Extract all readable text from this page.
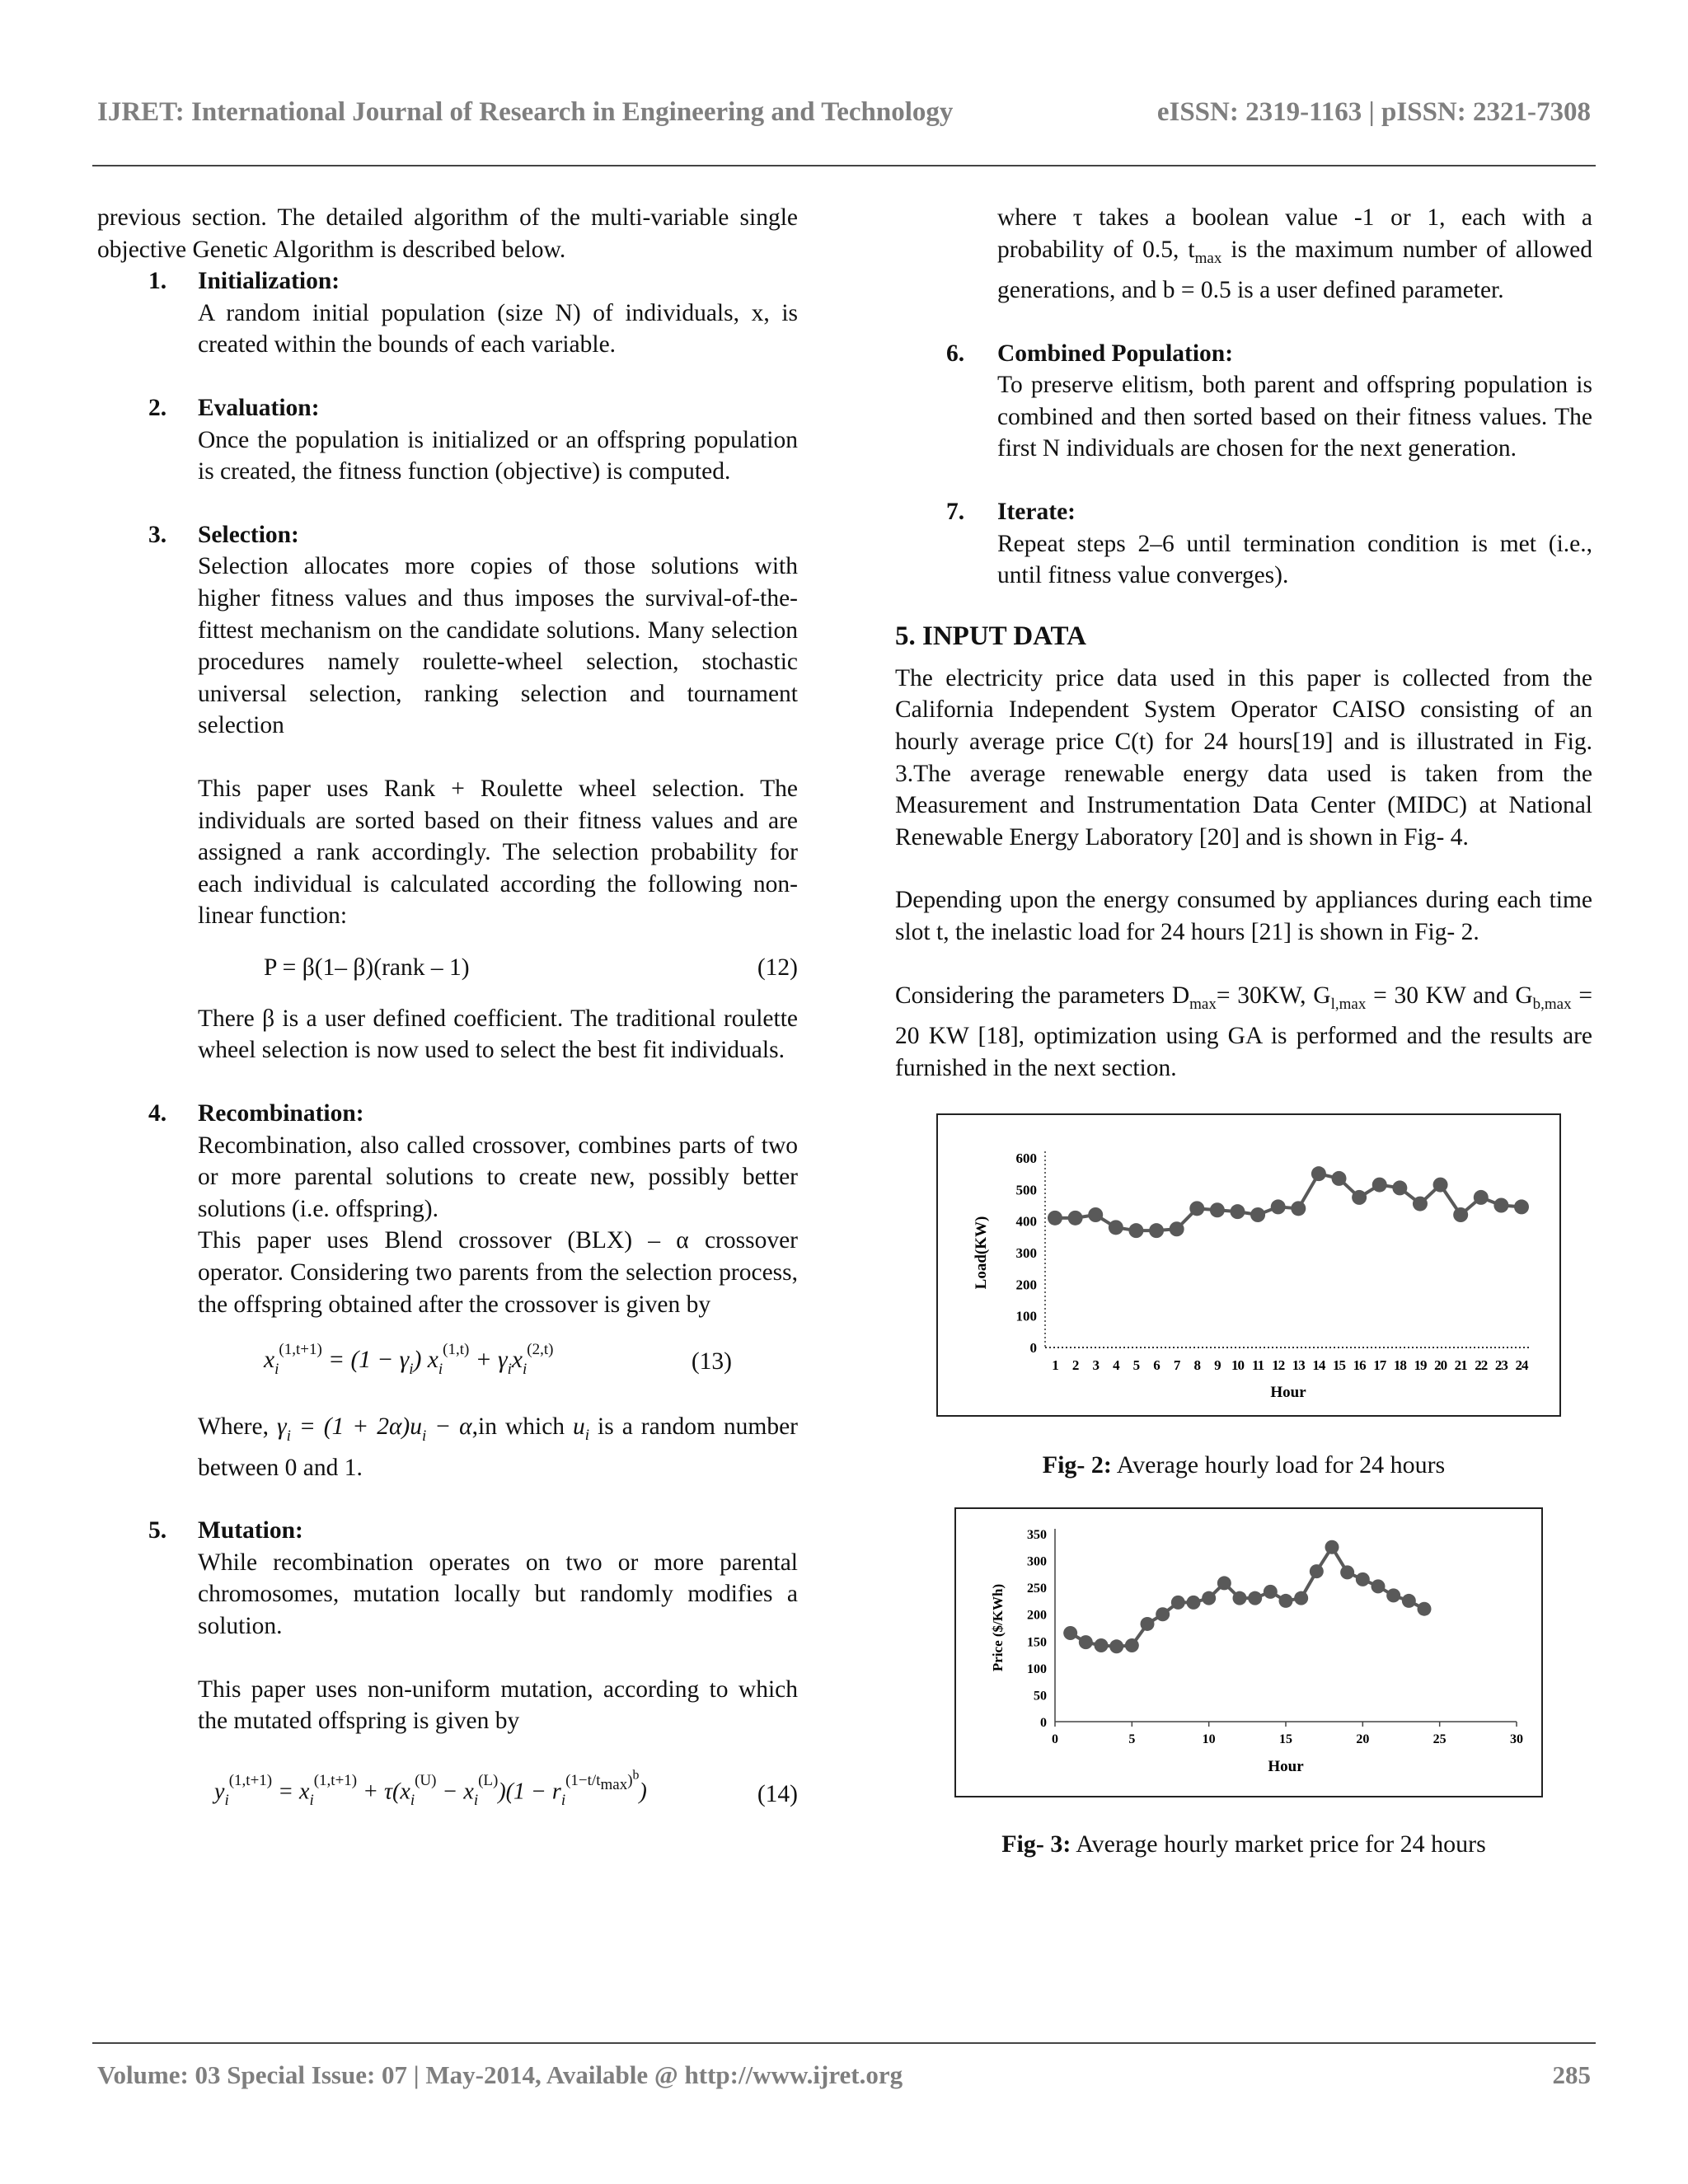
IJRET: International Journal of Research in Engineering and Technology	eISSN: 2319-1163 | pISSN: 2321-7308

previous section. The detailed algorithm of the multi-variable single objective Genetic Algorithm is described below.

1.	Initialization:

A random initial population (size N) of individuals, x, is created within the bounds of each variable.

2.	Evaluation:

Once the population is initialized or an offspring population is created, the fitness function (objective) is computed.

3.	Selection:

Selection allocates more copies of those solutions with higher fitness values and thus imposes the survival-of-the-fittest mechanism on the candidate solutions. Many selection procedures namely roulette-wheel selection, stochastic universal selection, ranking selection and tournament selection

This paper uses Rank + Roulette wheel selection. The individuals are sorted based on their fitness values and are assigned a rank accordingly. The selection probability for each individual is calculated according the following non-linear function:

P = β(1– β)(rank – 1)	(12)

There β is a user defined coefficient. The traditional roulette wheel selection is now used to select the best fit individuals.

4.	Recombination:

Recombination, also called crossover, combines parts of two or more parental solutions to create new, possibly better solutions (i.e. offspring).

This paper uses Blend crossover (BLX) – α crossover operator. Considering two parents from the selection process, the offspring obtained after the crossover is given by

$x_i^{(1,t+1)} = (1 - \gamma_i) x_i^{(1,t)} + \gamma_ix_i^{(2,t)}$	(13)

Where, $\gamma_i = (1 + 2\alpha)u_i - \alpha,in$ which $u_i$ is a random number between 0 and 1.

5.	Mutation:

While recombination operates on two or more parental chromosomes, mutation locally but randomly modifies a solution.

This paper uses non-uniform mutation, according to which the mutated offspring is given by

$y_i^{(1,t+1)} = x_i^{(1,t+1)} + \tau(x_i^{(U)} - x_i^{(L)})(1 - r_i^{(1-t/t_{max})^b})$	(14)

where τ takes a boolean value -1 or 1, each with a probability of 0.5, $t_{max}$ is the maximum number of allowed generations, and b = 0.5 is a user defined parameter.

6.	Combined Population:

To preserve elitism, both parent and offspring population is combined and then sorted based on their fitness values. The first N individuals are chosen for the next generation.

7.	Iterate:

Repeat steps 2–6 until termination condition is met (i.e., until fitness value converges).

5. INPUT DATA

The electricity price data used in this paper is collected from the California Independent System Operator CAISO consisting of an hourly average price C(t) for 24 hours[19] and is illustrated in Fig. 3.The average renewable energy data used is taken from the Measurement and Instrumentation Data Center (MIDC) at National Renewable Energy Laboratory [20] and is shown in Fig- 4.

Depending upon the energy consumed by appliances during each time slot t, the inelastic load for 24 hours [21] is shown in Fig- 2.

Considering the parameters $D_{max}= 30KW$, $G_{l,max} = 30$ KW and $G_{b,max} = 20$ KW [18], optimization using GA is performed and the results are furnished in the next section.

0
100
200
300
400
500
600
1 2 3 4 5 6 7 8 9 10 11 12 13 14 15 16 17 18 19 20 21 22 23 24
Hour
Load(KW)
Fig- 2: Average hourly load for 24 hours
0
50
100
150
200
250
300
350
0	5	10	15	20	25	30
Hour
Price ($/KWh)
Fig- 3: Average hourly market price for 24 hours
Volume: 03 Special Issue: 07 | May-2014, Available @ http://www.ijret.org	285
